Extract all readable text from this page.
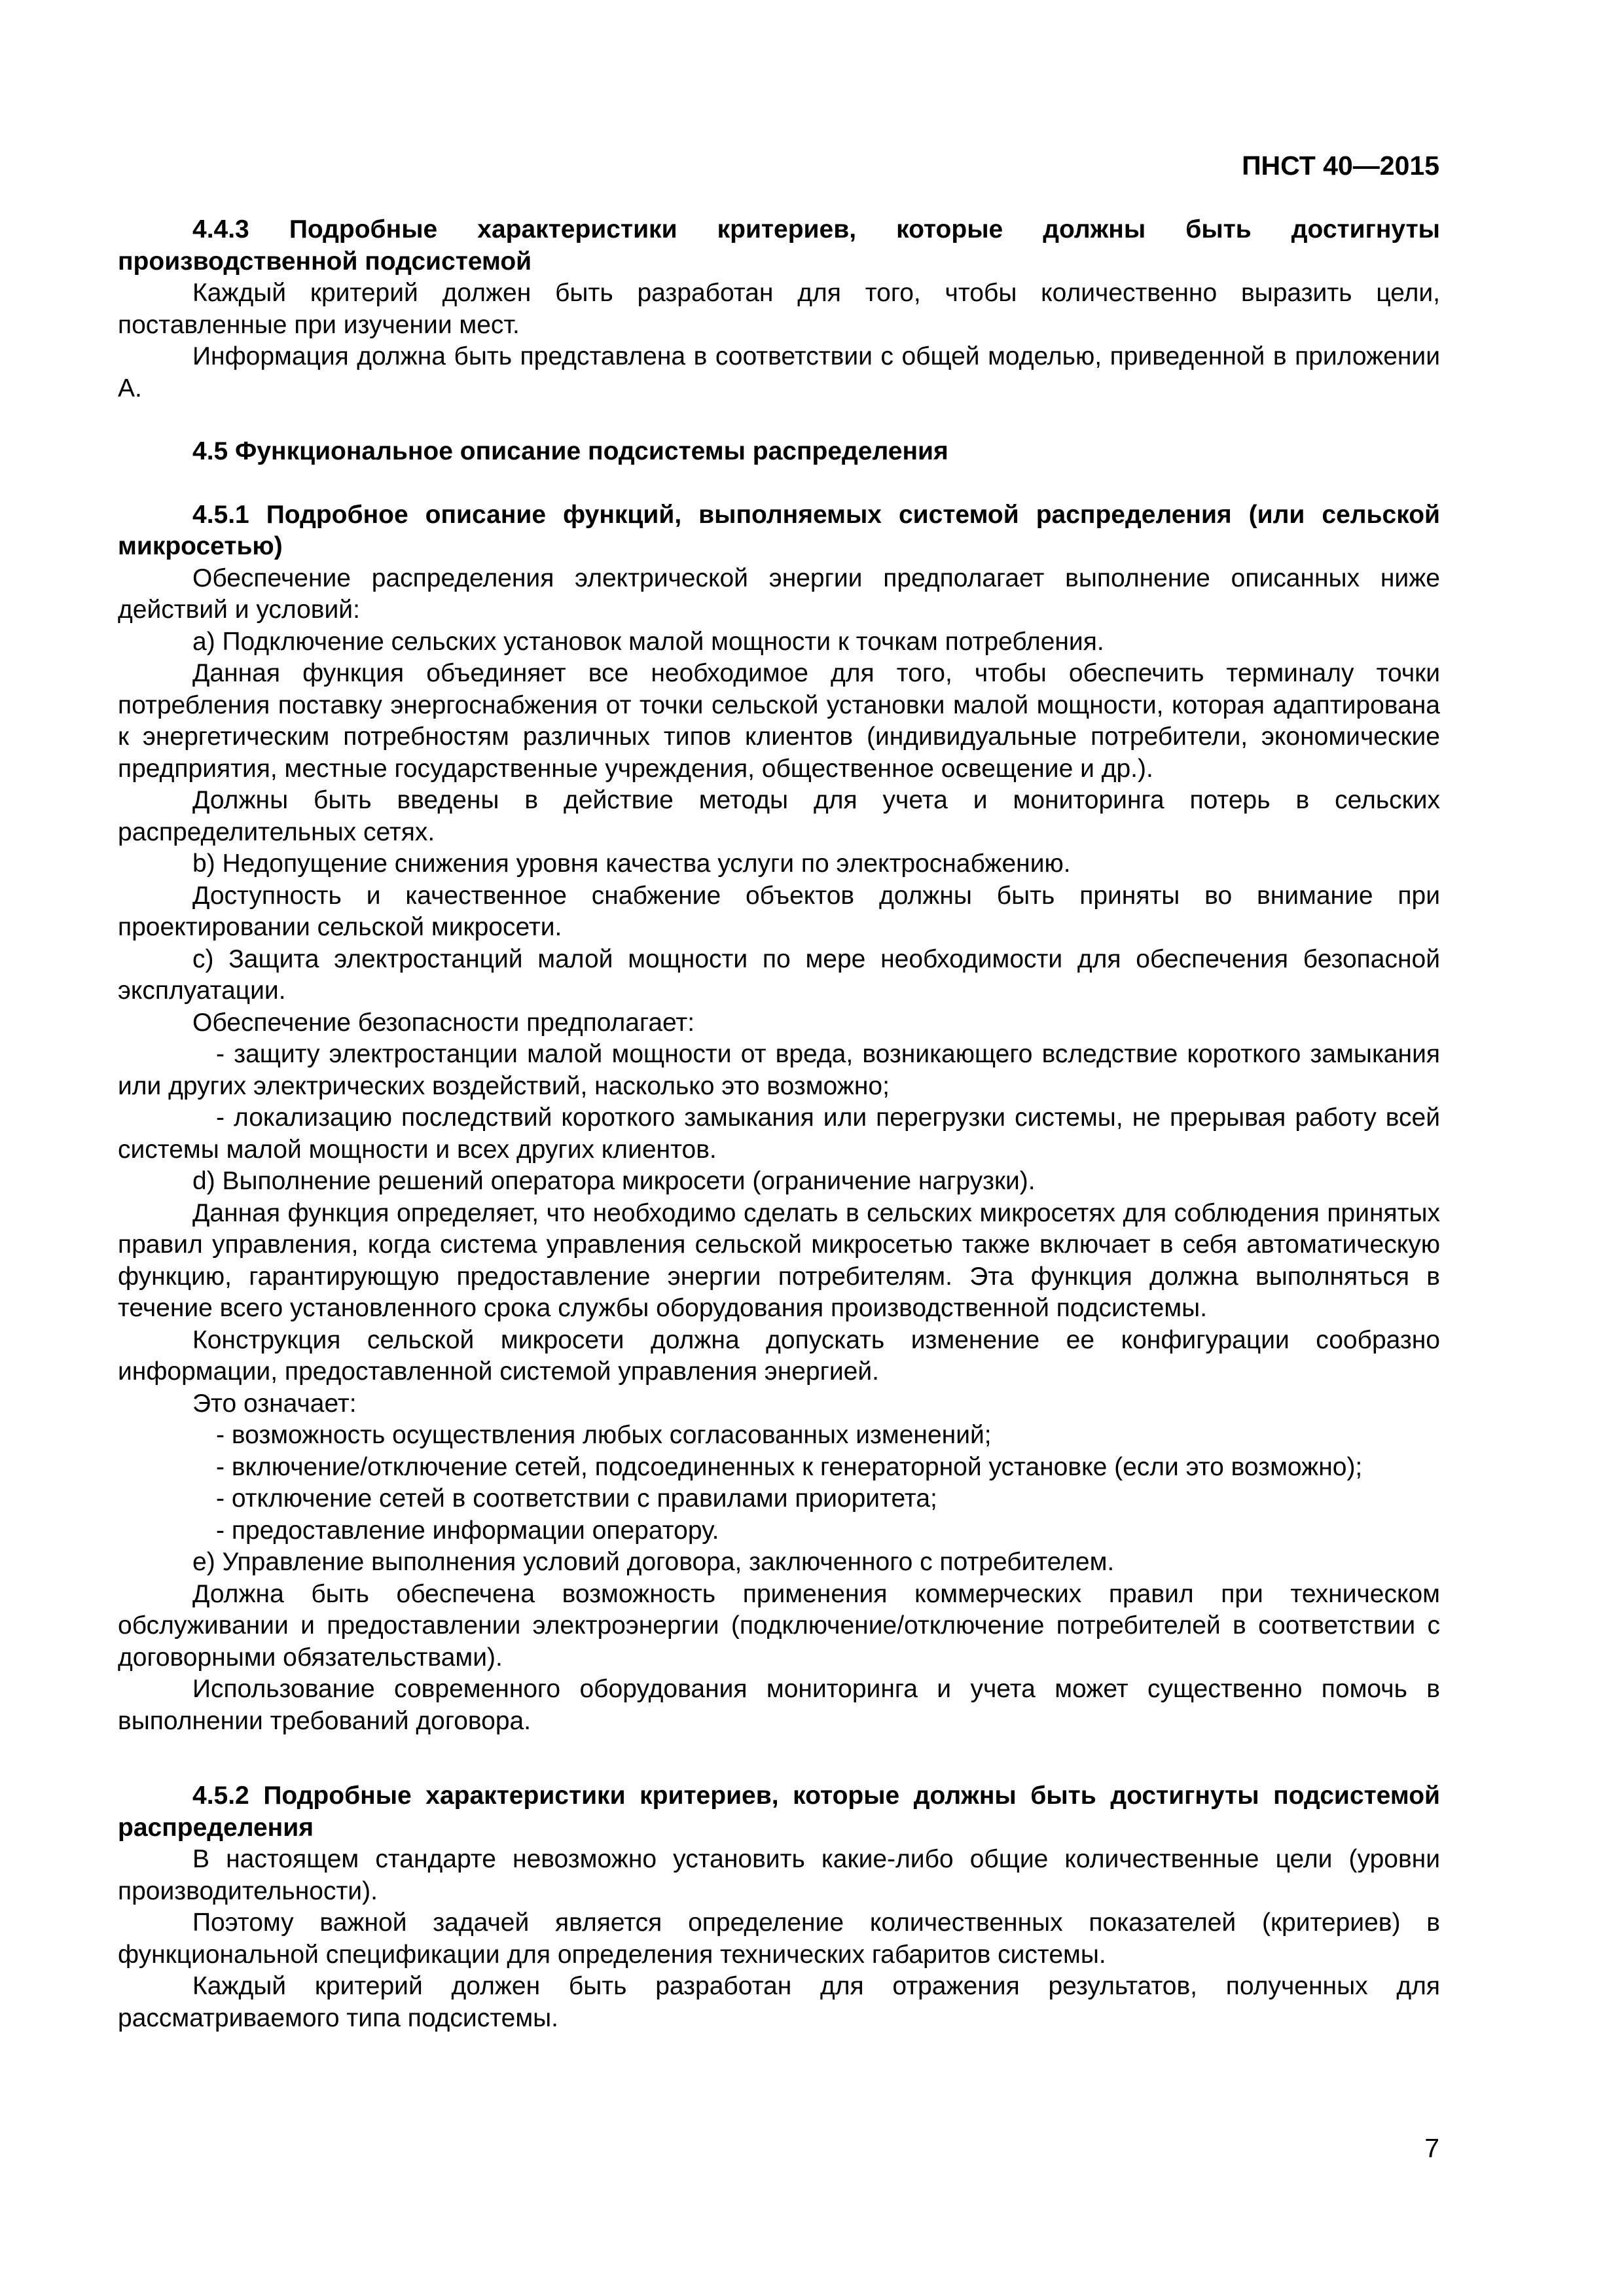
ПНСТ 40—2015

4.4.3 Подробные характеристики критериев, которые должны быть достигнуты производственной подсистемой

Каждый критерий должен быть разработан для того, чтобы количественно выразить цели, поставленные при изучении мест.

Информация должна быть представлена в соответствии с общей моделью, приведенной в приложении А.

4.5 Функциональное описание подсистемы распределения

4.5.1 Подробное описание функций, выполняемых системой распределения (или сельской микросетью)

Обеспечение распределения электрической энергии предполагает выполнение описанных ниже действий и условий:

а) Подключение сельских установок малой мощности к точкам потребления.

Данная функция объединяет все необходимое для того, чтобы обеспечить терминалу точки потребления поставку энергоснабжения от точки сельской установки малой мощности, которая адаптирована к энергетическим потребностям различных типов клиентов (индивидуальные потребители, экономические предприятия, местные государственные учреждения, общественное освещение и др.).

Должны быть введены в действие методы для учета и мониторинга потерь в сельских распределительных сетях.

b) Недопущение снижения уровня качества услуги по электроснабжению.

Доступность и качественное снабжение объектов должны быть приняты во внимание при проектировании сельской микросети.

c) Защита электростанций малой мощности по мере необходимости для обеспечения безопасной эксплуатации.

Обеспечение безопасности предполагает:

- защиту электростанции малой мощности от вреда, возникающего вследствие короткого замыкания или других электрических воздействий, насколько это возможно;

- локализацию последствий короткого замыкания или перегрузки системы, не прерывая работу всей системы малой мощности и всех других клиентов.

d) Выполнение решений оператора микросети (ограничение нагрузки).

Данная функция определяет, что необходимо сделать в сельских микросетях для соблюдения принятых правил управления, когда система управления сельской микросетью также включает в себя автоматическую функцию, гарантирующую предоставление энергии потребителям. Эта функция должна выполняться в течение всего установленного срока службы оборудования производственной подсистемы.

Конструкция сельской микросети должна допускать изменение ее конфигурации сообразно информации, предоставленной системой управления энергией.

Это означает:

- возможность осуществления любых согласованных изменений;

- включение/отключение сетей, подсоединенных к генераторной установке (если это возможно);

- отключение сетей в соответствии с правилами приоритета;

- предоставление информации оператору.

е) Управление выполнения условий договора, заключенного с потребителем.

Должна быть обеспечена возможность применения коммерческих правил при техническом обслуживании и предоставлении электроэнергии (подключение/отключение потребителей в соответствии с договорными обязательствами).

Использование современного оборудования мониторинга и учета может существенно помочь в выполнении требований договора.

4.5.2 Подробные характеристики критериев, которые должны быть достигнуты подсистемой распределения

В настоящем стандарте невозможно установить какие-либо общие количественные цели (уровни производительности).

Поэтому важной задачей является определение количественных показателей (критериев) в функциональной спецификации для определения технических габаритов системы.

Каждый критерий должен быть разработан для отражения результатов, полученных для рассматриваемого типа подсистемы.

7
